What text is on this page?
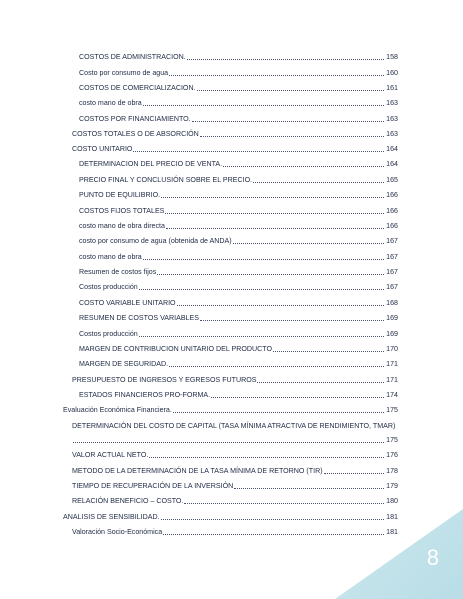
COSTOS DE ADMINISTRACION.	158
Costo por consumo de agua	160
COSTOS DE COMERCIALIZACION.	161
costo mano de obra	163
COSTOS POR FINANCIAMIENTO.	163
COSTOS TOTALES O DE ABSORCIÓN	163
COSTO UNITARIO	164
DETERMINACION DEL PRECIO DE VENTA.	164
PRECIO FINAL Y CONCLUSIÓN SOBRE EL PRECIO.	165
PUNTO DE EQUILIBRIO.	166
COSTOS FIJOS TOTALES	166
costo mano de obra directa	166
costo por consumo de agua (obtenida de ANDA)	167
costo mano de obra	167
Resumen de costos fijos	167
Costos producción	167
COSTO VARIABLE UNITARIO	168
RESUMEN DE COSTOS VARIABLES	169
Costos producción	169
MARGEN DE CONTRIBUCION UNITARIO DEL PRODUCTO	170
MARGEN DE SEGURIDAD.	171
PRESUPUESTO DE INGRESOS Y EGRESOS FUTUROS	171
ESTADOS FINANCIEROS PRO-FORMA.	174
Evaluación Económica Financiera.	175
DETERMINACIÓN DEL COSTO DE CAPITAL (TASA MÍNIMA ATRACTIVA DE RENDIMIENTO, TMAR)
175
VALOR ACTUAL NETO.	176
METODO DE LA DETERMINACIÓN DE LA TASA MÍNIMA DE RETORNO (TIR)	178
TIEMPO DE RECUPERACIÓN DE LA INVERSIÓN	179
RELACIÓN BENEFICIO – COSTO.	180
ANALISIS DE SENSIBILIDAD.	181
Valoración Socio-Económica	181
8
